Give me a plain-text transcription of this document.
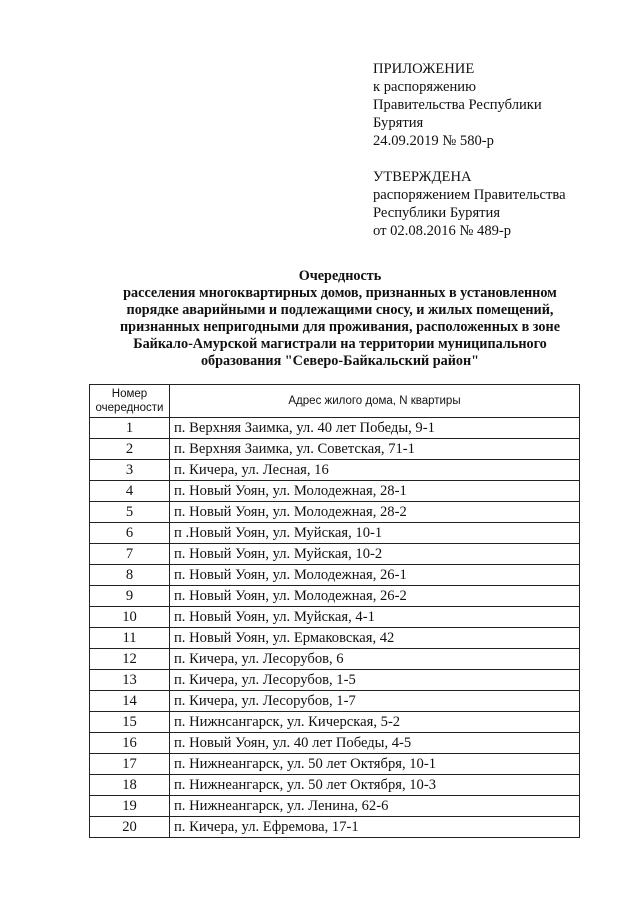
ПРИЛОЖЕНИЕ
к распоряжению
Правительства Республики
Бурятия
24.09.2019 № 580-р
УТВЕРЖДЕНА
распоряжением Правительства
Республики Бурятия
от 02.08.2016 № 489-р
Очередность
расселения многоквартирных домов, признанных в установленном
порядке аварийными и подлежащими сносу, и жилых помещений,
признанных непригодными для проживания, расположенных в зоне
Байкало-Амурской магистрали на территории муниципального
образования "Северо-Байкальский район"
Номер
очередности	Адрес жилого дома, N квартиры
1	п. Верхняя Заимка, ул. 40 лет Победы, 9-1
2	п. Верхняя Заимка, ул. Советская, 71-1
3	п. Кичера, ул. Лесная, 16
4	п. Новый Уоян, ул. Молодежная, 28-1
5	п. Новый Уоян, ул. Молодежная, 28-2
6	п .Новый Уоян, ул. Муйская, 10-1
7	п. Новый Уоян, ул. Муйская, 10-2
8	п. Новый Уоян, ул. Молодежная, 26-1
9	п. Новый Уоян, ул. Молодежная, 26-2
10	п. Новый Уоян, ул. Муйская, 4-1
11	п. Новый Уоян, ул. Ермаковская, 42
12	п. Кичера, ул. Лесорубов, 6
13	п. Кичера, ул. Лесорубов, 1-5
14	п. Кичера, ул. Лесорубов, 1-7
15	п. Нижнсангарск, ул. Кичерская, 5-2
16	п. Новый Уоян, ул. 40 лет Победы, 4-5
17	п. Нижнеангарск, ул. 50 лет Октября, 10-1
18	п. Нижнеангарск, ул. 50 лет Октября, 10-3
19	п. Нижнеангарск, ул. Ленина, 62-6
20	п. Кичера, ул. Ефремова, 17-1
